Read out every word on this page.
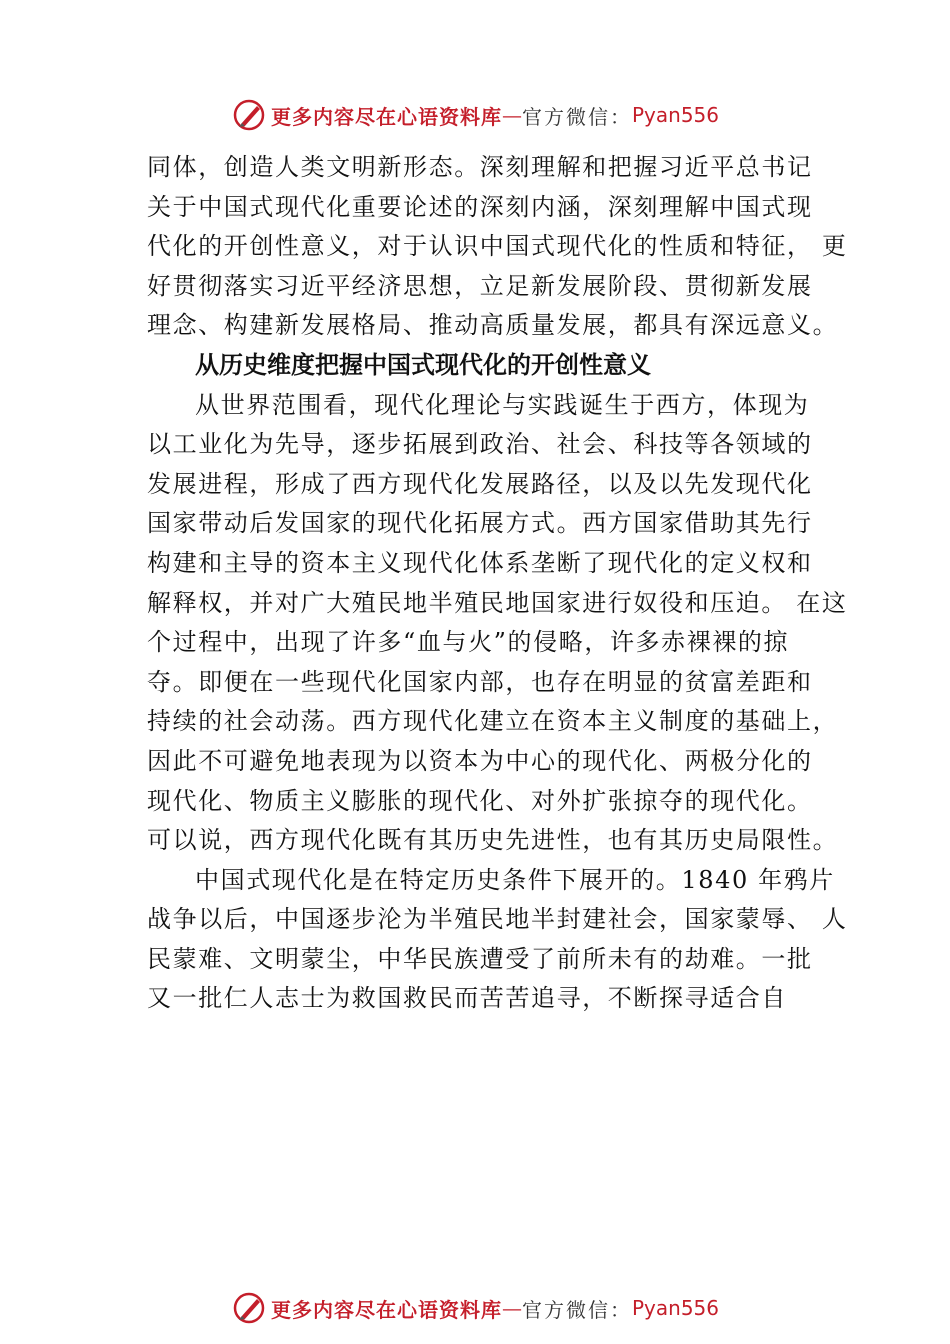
更多内容尽在心语资料库 — 官方微信： Pyan556
同体，创造人类文明新形态。深刻理解和把握习近平总书记
关于中国式现代化重要论述的深刻内涵，深刻理解中国式现
代化的开创性意义，对于认识中国式现代化的性质和特征， 更
好贯彻落实习近平经济思想，立足新发展阶段、贯彻新发展
理念、构建新发展格局、推动高质量发展，都具有深远意义。
从历史维度把握中国式现代化的开创性意义
从世界范围看，现代化理论与实践诞生于西方，体现为
以工业化为先导，逐步拓展到政治、社会、科技等各领域的
发展进程，形成了西方现代化发展路径，以及以先发现代化
国家带动后发国家的现代化拓展方式。西方国家借助其先行
构建和主导的资本主义现代化体系垄断了现代化的定义权和
解释权，并对广大殖民地半殖民地国家进行奴役和压迫。 在这
个过程中，出现了许多“血与火”的侵略，许多赤裸裸的掠
夺。即便在一些现代化国家内部，也存在明显的贫富差距和
持续的社会动荡。西方现代化建立在资本主义制度的基础上，
因此不可避免地表现为以资本为中心的现代化、两极分化的
现代化、物质主义膨胀的现代化、对外扩张掠夺的现代化。
可以说，西方现代化既有其历史先进性，也有其历史局限性。
中国式现代化是在特定历史条件下展开的。1840 年鸦片
战争以后，中国逐步沦为半殖民地半封建社会，国家蒙辱、 人
民蒙难、文明蒙尘，中华民族遭受了前所未有的劫难。一批
又一批仁人志士为救国救民而苦苦追寻，不断探寻适合自
更多内容尽在心语资料库 — 官方微信： Pyan556
